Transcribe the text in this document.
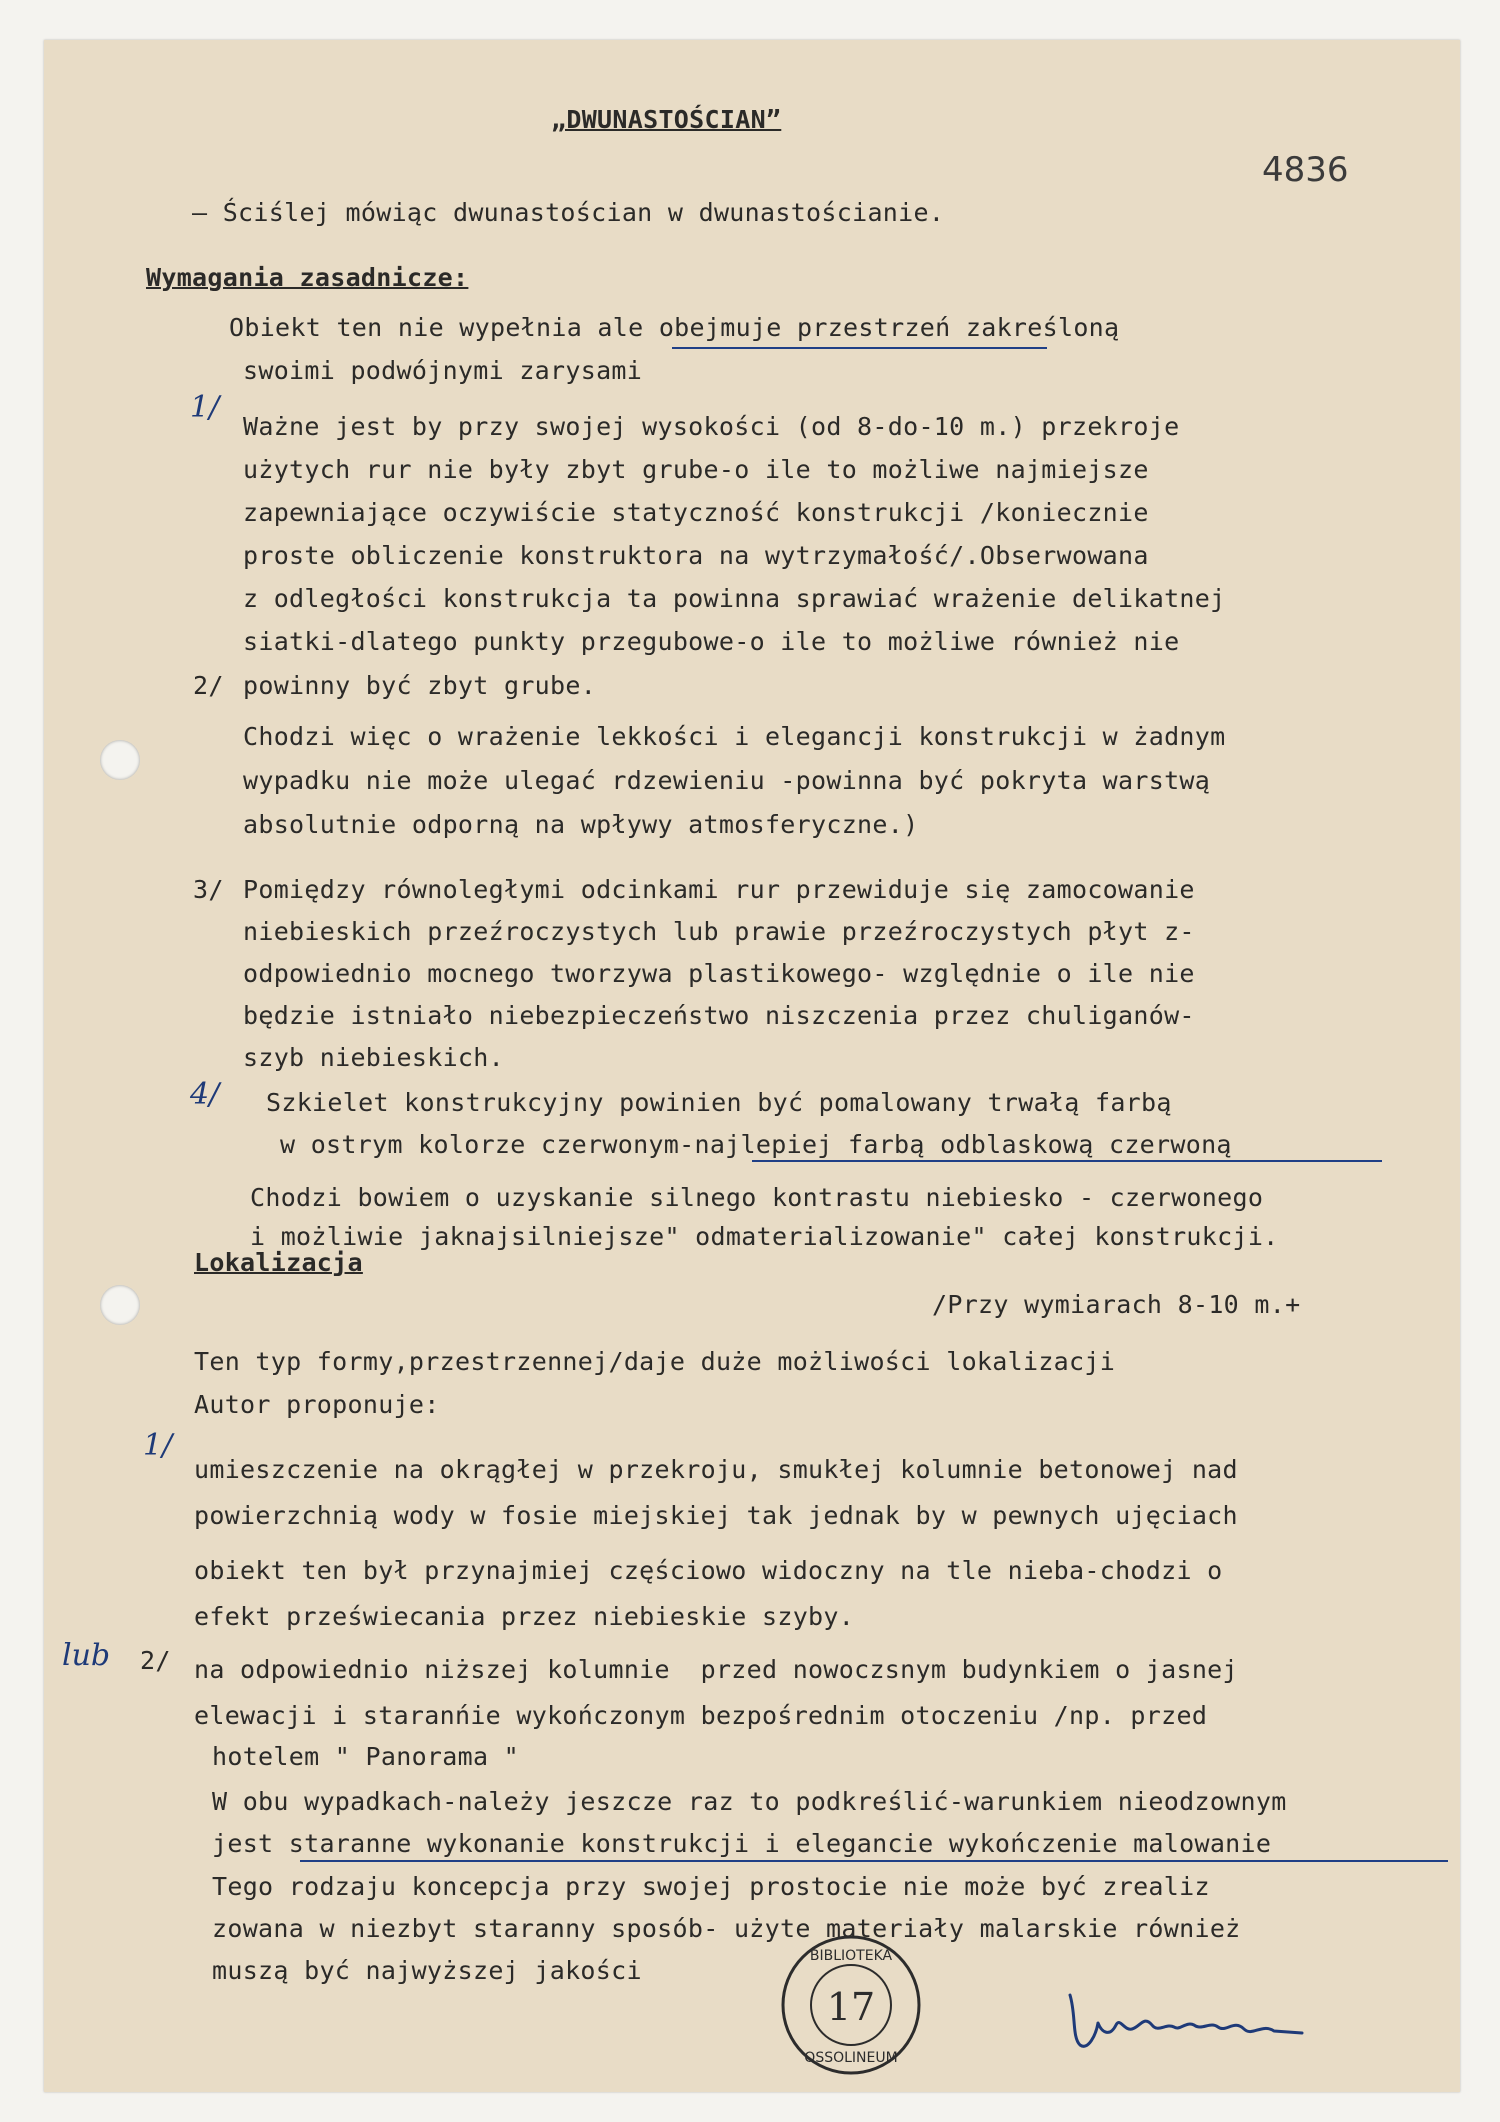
„DWUNASTOŚCIAN”
4836
— Ściślej mówiąc dwunastościan w dwunastościanie.
Wymagania zasadnicze:
Obiekt ten nie wypełnia ale obejmuje przestrzeń zakreśloną
swoimi podwójnymi zarysami
1/
Ważne jest by przy swojej wysokości (od 8-do-10 m.) przekroje
użytych rur nie były zbyt grube-o ile to możliwe najmiejsze
zapewniające oczywiście statyczność konstrukcji /koniecznie
proste obliczenie konstruktora na wytrzymałość/.Obserwowana
z odległości konstrukcja ta powinna sprawiać wrażenie delikatnej
siatki-dlatego punkty przegubowe-o ile to możliwe również nie
2/ powinny być zbyt grube.
Chodzi więc o wrażenie lekkości i elegancji konstrukcji w żadnym
wypadku nie może ulegać rdzewieniu -powinna być pokryta warstwą
absolutnie odporną na wpływy atmosferyczne.)
3/ Pomiędzy równoległymi odcinkami rur przewiduje się zamocowanie
niebieskich przeźroczystych lub prawie przeźroczystych płyt z-
odpowiednio mocnego tworzywa plastikowego- względnie o ile nie
będzie istniało niebezpieczeństwo niszczenia przez chuliganów-
szyb niebieskich.
4/ Szkielet konstrukcyjny powinien być pomalowany trwałą farbą
w ostrym kolorze czerwonym-najlepiej farbą odblaskową czerwoną
Chodzi bowiem o uzyskanie silnego kontrastu niebiesko - czerwonego
i możliwie jaknajsilniejsze" odmaterializowanie" całej konstrukcji.
Lokalizacja
/Przy wymiarach 8-10 m.+
Ten typ formy,przestrzennej/daje duże możliwości lokalizacji
Autor proponuje:
1/
umieszczenie na okrągłej w przekroju, smukłej kolumnie betonowej nad
powierzchnią wody w fosie miejskiej tak jednak by w pewnych ujęciach
obiekt ten był przynajmiej częściowo widoczny na tle nieba-chodzi o
efekt przeświecania przez niebieskie szyby.
lub 2/ na odpowiednio niższej kolumnie  przed nowoczsnym budynkiem o jasnej
elewacji i staranńie wykończonym bezpośrednim otoczeniu /np. przed
hotelem " Panorama "
W obu wypadkach-należy jeszcze raz to podkreślić-warunkiem nieodzownym
jest staranne wykonanie konstrukcji i elegancie wykończenie malowanie
Tego rodzaju koncepcja przy swojej prostocie nie może być zrealiz
zowana w niezbyt staranny sposób- użyte materiały malarskie również
muszą być najwyższej jakości	BIBLIOTEKA
OSSOLINEUM
17
